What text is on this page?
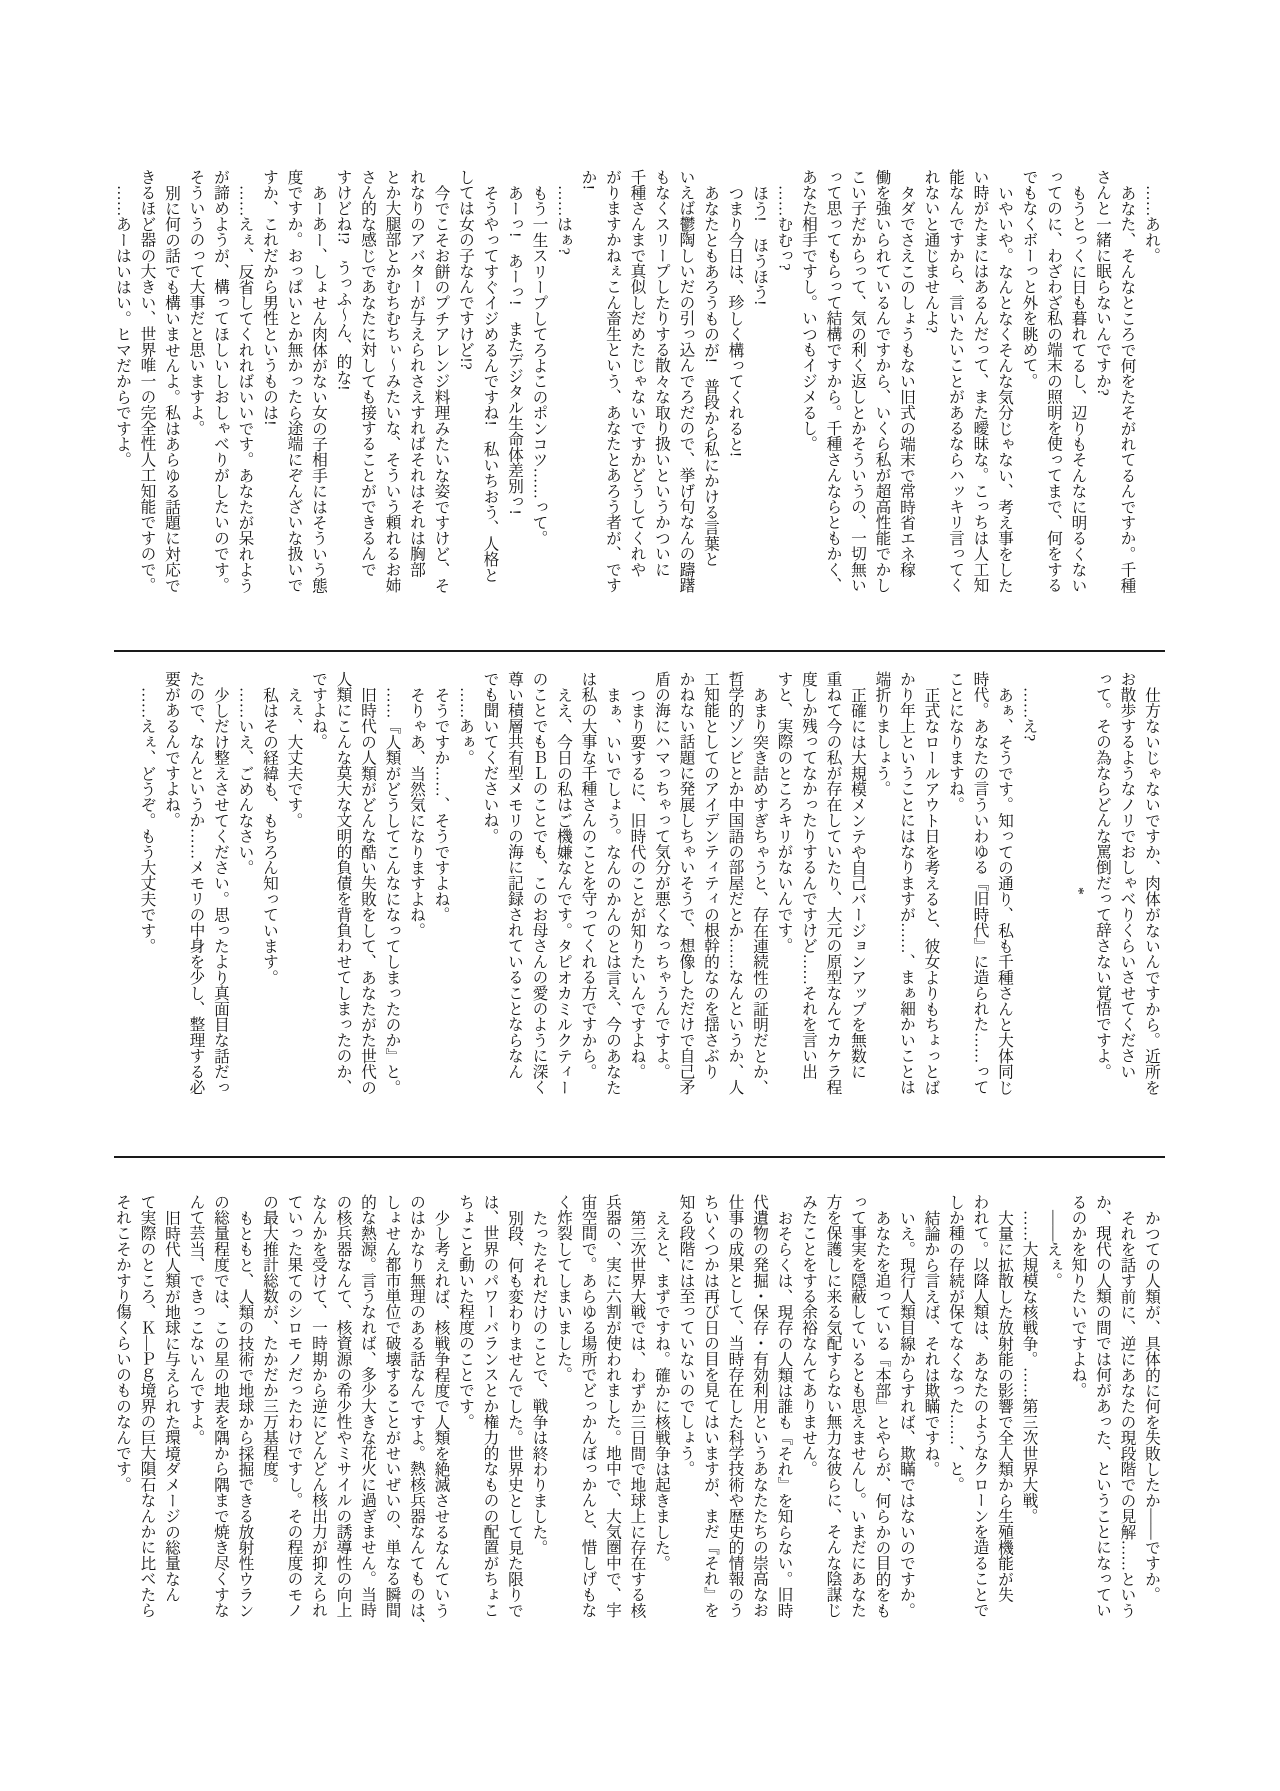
……あれ。
あなた、そんなところで何をたそがれてるんですか。千種
さんと一緒に眠らないんですか?
もうとっくに日も暮れてるし、辺りもそんなに明るくない
ってのに、わざわざ私の端末の照明を使ってまで、何をする
でもなくボーっと外を眺めて。
いやいや。なんとなくそんな気分じゃない、考え事をした
い時がたまにはあるんだって、また曖昧な。こっちは人工知
能なんですから、言いたいことがあるならハッキリ言ってく
れないと通じませんよ?
タダでさえこのしょうもない旧式の端末で常時省エネ稼
働を強いられているんですから、いくら私が超高性能でかし
こい子だからって、気の利く返しとかそういうの、一切無い
って思ってもらって結構ですから。千種さんならともかく、
あなた相手ですし。いつもイジメるし。
……むむっ?
ほう!　ほうほう!
つまり今日は、珍しく構ってくれると!
あなたともあろうものが!　普段から私にかける言葉と
いえば鬱陶しいだの引っ込んでろだので、挙げ句なんの躊躇
もなくスリープしたりする散々な取り扱いというかついに
千種さんまで真似しだめたじゃないですかどうしてくれや
がりますかねぇこん畜生という、あなたとあろう者が、です
か!
……はぁ?
もう一生スリープしてろよこのポンコツ……って。
あーっ!　あーっ!　またデジタル生命体差別っ!
そうやってすぐイジめるんですね!　私いちおう、人格と
しては女の子なんですけど!?
今でこそお餅のプチアレンジ料理みたいな姿ですけど、そ
れなりのアバターが与えられさえすればそれはそれは胸部
とか大腿部とかむちむちぃ〜みたいな、そういう頼れるお姉
さん的な感じであなたに対しても接することができるんで
すけどね!?　うっふ〜ん、的な!
あーあー、しょせん肉体がない女の子相手にはそういう態
度ですか。おっぱいとか無かったら途端にぞんざいな扱いで
すか、これだから男性というものは!
……えぇ、反省してくれればいいです。あなたが呆れよう
が諦めようが、構ってほしいしおしゃべりがしたいのです。
そういうのって大事だと思いますよ。
別に何の話でも構いませんよ。私はあらゆる話題に対応で
きるほど器の大きい、世界唯一の完全性人工知能ですので。
……あーはいはい。ヒマだからですよ。
仕方ないじゃないですか、肉体がないんですから。近所を
お散歩するようなノリでおしゃべりくらいさせてください
って。その為ならどんな罵倒だって辞さない覚悟ですよ。
*

……え?
あぁ、そうです。知っての通り、私も千種さんと大体同じ
時代。あなたの言ういわゆる『旧時代』に造られた……って
ことになりますね。
正式なロールアウト日を考えると、彼女よりもちょっとば
かり年上ということにはなりますが……、まぁ細かいことは
端折りましょう。
正確には大規模メンテや自己バージョンアップを無数に
重ねて今の私が存在していたり、大元の原型なんてカケラ程
度しか残ってなかったりするんですけど……それを言い出
すと、実際のところキリがないんです。
あまり突き詰めすぎちゃうと、存在連続性の証明だとか、
哲学的ゾンビとか中国語の部屋だとか……なんというか、人
工知能としてのアイデンティティの根幹的なのを揺さぶり
かねない話題に発展しちゃいそうで、想像しただけで自己矛
盾の海にハマっちゃって気分が悪くなっちゃうんですよ。
つまり要するに、旧時代のことが知りたいんですよね。
まぁ、いいでしょう。なんのかんのとは言え、今のあなた
は私の大事な千種さんのことを守ってくれる方ですから。
ええ、今日の私はご機嫌なんです。タピオカミルクティー
のことでもＢＬのことでも、このお母さんの愛のように深く
尊い積層共有型メモリの海に記録されていることならなん
でも聞いてくださいね。
……あぁ。
そうですか……、そうですよね。
そりゃあ、当然気になりますよね。
……『人類がどうしてこんなになってしまったのか』と。
旧時代の人類がどんな酷い失敗をして、あなたがた世代の
人類にこんな莫大な文明的負債を背負わせてしまったのか、
ですよね。
えぇ、大丈夫です。
私はその経緯も、もちろん知っています。
……いえ、ごめんなさい。
少しだけ整えさせてください。思ったより真面目な話だっ
たので、なんというか……メモリの中身を少し、整理する必
要があるんですよね。
……えぇ、どうぞ。もう大丈夫です。
かつての人類が、具体的に何を失敗したか――ですか。
それを話す前に、逆にあなたの現段階での見解……という
か、現代の人類の間では何があった、ということになってい
るのかを知りたいですよね。
――えぇ。
……大規模な核戦争。……第三次世界大戦。
大量に拡散した放射能の影響で全人類から生殖機能が失
われて。以降人類は、あなたのようなクローンを造ることで
しか種の存続が保てなくなった……、と。
結論から言えば、それは欺瞞ですね。
いえ。現行人類目線からすれば、欺瞞ではないのですか。
あなたを追っている『本部』とやらが、何らかの目的をも
って事実を隠蔽しているとも思えませんし。いまだにあなた
方を保護しに来る気配すらない無力な彼らに、そんな陰謀じ
みたことをする余裕なんてありません。
おそらくは、現存の人類は誰も『それ』を知らない。旧時
代遺物の発掘・保存・有効利用というあなたたちの崇高なお
仕事の成果として、当時存在した科学技術や歴史的情報のう
ちいくつかは再び日の目を見てはいますが、まだ『それ』を
知る段階には至っていないのでしょう。
ええと、まずですね。確かに核戦争は起きました。
第三次世界大戦では、わずか三日間で地球上に存在する核
兵器の、実に六割が使われました。地中で、大気圏中で、宇
宙空間で。あらゆる場所でどっかんぼっかんと、惜しげもな
く炸裂してしまいました。
たったそれだけのことで、戦争は終わりました。
別段、何も変わりませんでした。世界史として見た限りで
は、世界のパワーバランスとか権力的なものの配置がちょこ
ちょこと動いた程度のことです。
少し考えれば、核戦争程度で人類を絶滅させるなんていう
のはかなり無理のある話なんですよ。熱核兵器なんてものは、
しょせん都市単位で破壊することがせいぜいの、単なる瞬間
的な熱源。言うなれば、多少大きな花火に過ぎません。当時
の核兵器なんて、核資源の希少性やミサイルの誘導性の向上
なんかを受けて、一時期から逆にどんどん核出力が抑えられ
ていった果てのシロモノだったわけですし。その程度のモノ
の最大推計総数が、たかだか三万基程度。
もともと、人類の技術で地球から採掘できる放射性ウラン
の総量程度では、この星の地表を隅から隅まで焼き尽くすな
んて芸当、できっこないんですよ。
旧時代人類が地球に与えられた環境ダメージの総量なん
て実際のところ、Ｋ―Ｐｇ境界の巨大隕石なんかに比べたら
それこそかすり傷くらいのものなんです。
